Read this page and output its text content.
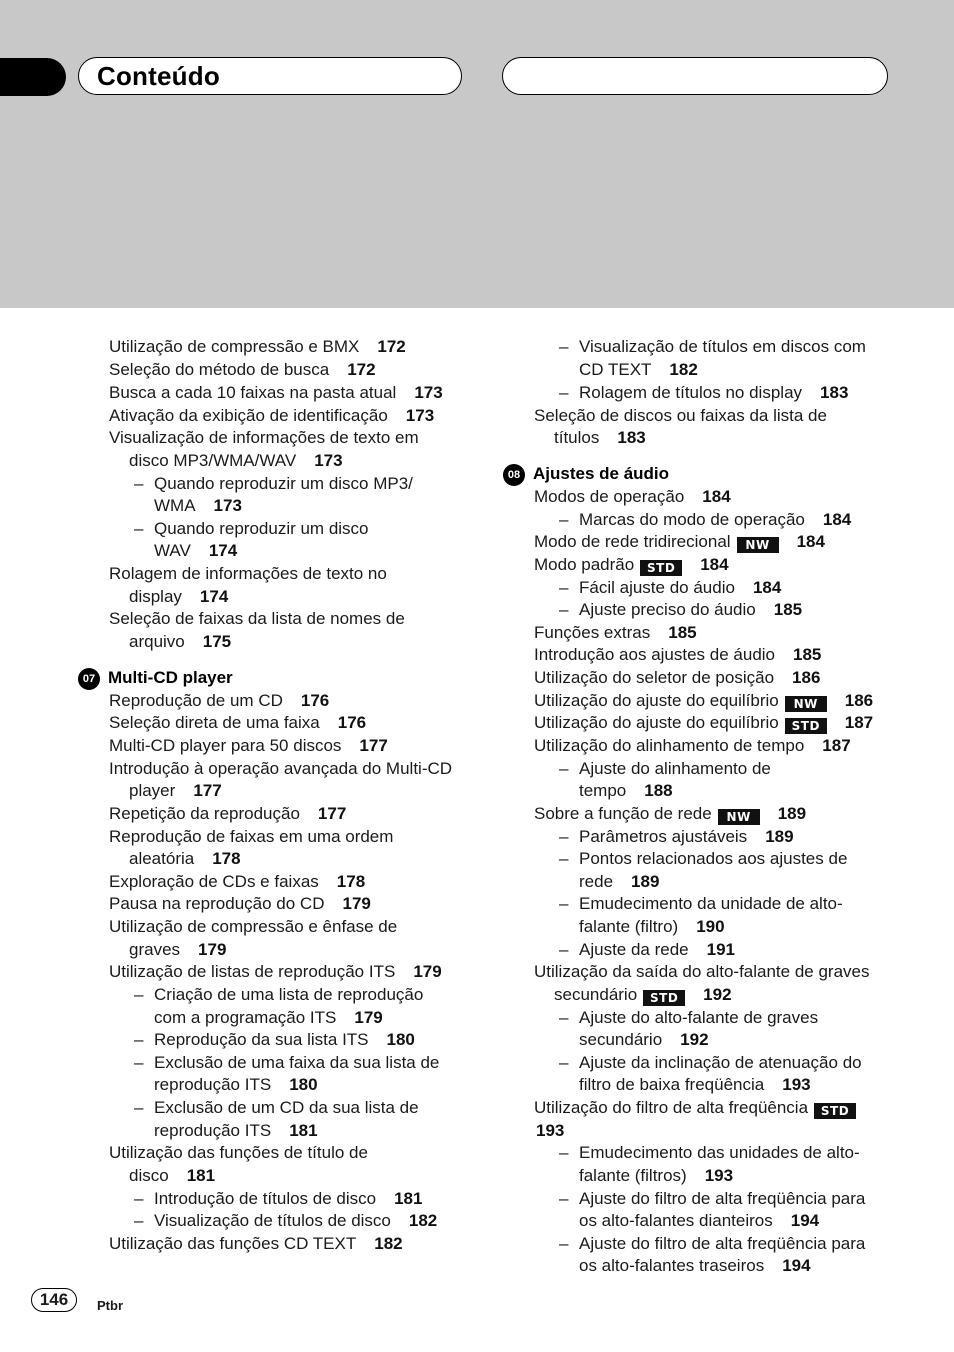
Conteúdo
Utilização de compressão e BMX 172
Seleção do método de busca 172
Busca a cada 10 faixas na pasta atual 173
Ativação da exibição de identificação 173
Visualização de informações de texto em
disco MP3/WMA/WAV 173
– Quando reproduzir um disco MP3/
WMA 173
– Quando reproduzir um disco
WAV 174
Rolagem de informações de texto no
display 174
Seleção de faixas da lista de nomes de
arquivo 175
07 Multi-CD player
Reprodução de um CD 176
Seleção direta de uma faixa 176
Multi-CD player para 50 discos 177
Introdução à operação avançada do Multi-CD
player 177
Repetição da reprodução 177
Reprodução de faixas em uma ordem
aleatória 178
Exploração de CDs e faixas 178
Pausa na reprodução do CD 179
Utilização de compressão e ênfase de
graves 179
Utilização de listas de reprodução ITS 179
– Criação de uma lista de reprodução
com a programação ITS 179
– Reprodução da sua lista ITS 180
– Exclusão de uma faixa da sua lista de
reprodução ITS 180
– Exclusão de um CD da sua lista de
reprodução ITS 181
Utilização das funções de título de
disco 181
– Introdução de títulos de disco 181
– Visualização de títulos de disco 182
Utilização das funções CD TEXT 182
– Visualização de títulos em discos com
CD TEXT 182
– Rolagem de títulos no display 183
Seleção de discos ou faixas da lista de
títulos 183
08 Ajustes de áudio
Modos de operação 184
– Marcas do modo de operação 184
Modo de rede tridirecional NW 184
Modo padrão STD 184
– Fácil ajuste do áudio 184
– Ajuste preciso do áudio 185
Funções extras 185
Introdução aos ajustes de áudio 185
Utilização do seletor de posição 186
Utilização do ajuste do equilíbrio NW 186
Utilização do ajuste do equilíbrio STD 187
Utilização do alinhamento de tempo 187
– Ajuste do alinhamento de
tempo 188
Sobre a função de rede NW 189
– Parâmetros ajustáveis 189
– Pontos relacionados aos ajustes de
rede 189
– Emudecimento da unidade de alto-
falante (filtro) 190
– Ajuste da rede 191
Utilização da saída do alto-falante de graves
secundário STD 192
– Ajuste do alto-falante de graves
secundário 192
– Ajuste da inclinação de atenuação do
filtro de baixa freqüência 193
Utilização do filtro de alta freqüência STD
193
– Emudecimento das unidades de alto-
falante (filtros) 193
– Ajuste do filtro de alta freqüência para
os alto-falantes dianteiros 194
– Ajuste do filtro de alta freqüência para
os alto-falantes traseiros 194
146	Ptbr
